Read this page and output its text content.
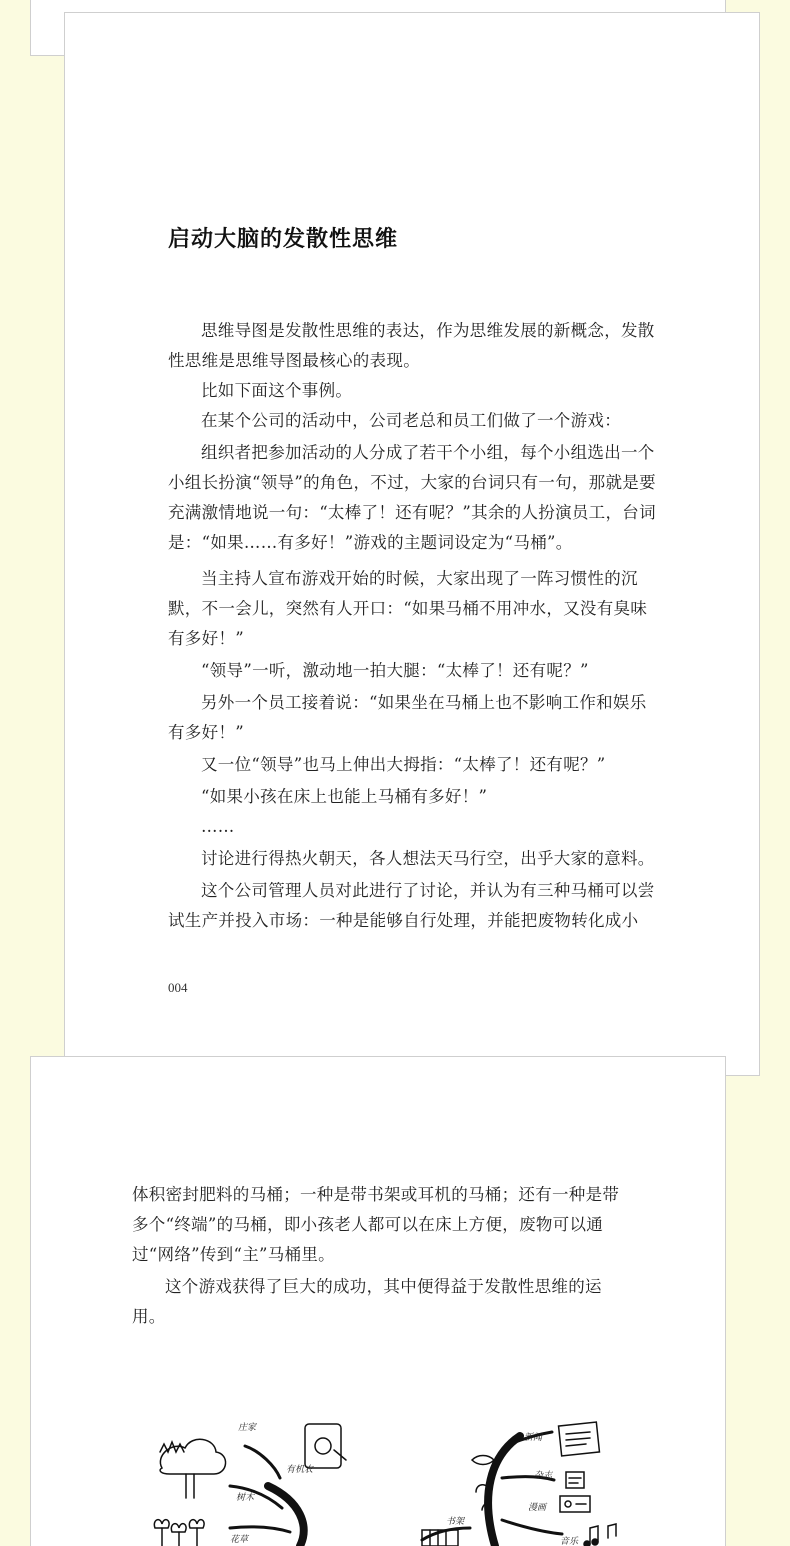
启动大脑的发散性思维

思维导图是发散性思维的表达，作为思维发展的新概念，发散性思维是思维导图最核心的表现。

比如下面这个事例。

在某个公司的活动中，公司老总和员工们做了一个游戏：

组织者把参加活动的人分成了若干个小组，每个小组选出一个小组长扮演“领导”的角色，不过，大家的台词只有一句，那就是要充满激情地说一句：“太棒了！还有呢？”其余的人扮演员工，台词是：“如果……有多好！”游戏的主题词设定为“马桶”。

当主持人宣布游戏开始的时候，大家出现了一阵习惯性的沉默，不一会儿，突然有人开口：“如果马桶不用冲水，又没有臭味有多好！”

“领导”一听，激动地一拍大腿：“太棒了！还有呢？”

另外一个员工接着说：“如果坐在马桶上也不影响工作和娱乐有多好！”

又一位“领导”也马上伸出大拇指：“太棒了！还有呢？”

“如果小孩在床上也能上马桶有多好！”

……

讨论进行得热火朝天，各人想法天马行空，出乎大家的意料。

这个公司管理人员对此进行了讨论，并认为有三种马桶可以尝试生产并投入市场：一种是能够自行处理，并能把废物转化成小

004

体积密封肥料的马桶；一种是带书架或耳机的马桶；还有一种是带多个“终端”的马桶，即小孩老人都可以在床上方便，废物可以通过“网络”传到“主”马桶里。

这个游戏获得了巨大的成功，其中便得益于发散性思维的运用。

庄家
树木
花草
有机农
新闻
杂志
漫画
书架
音乐
